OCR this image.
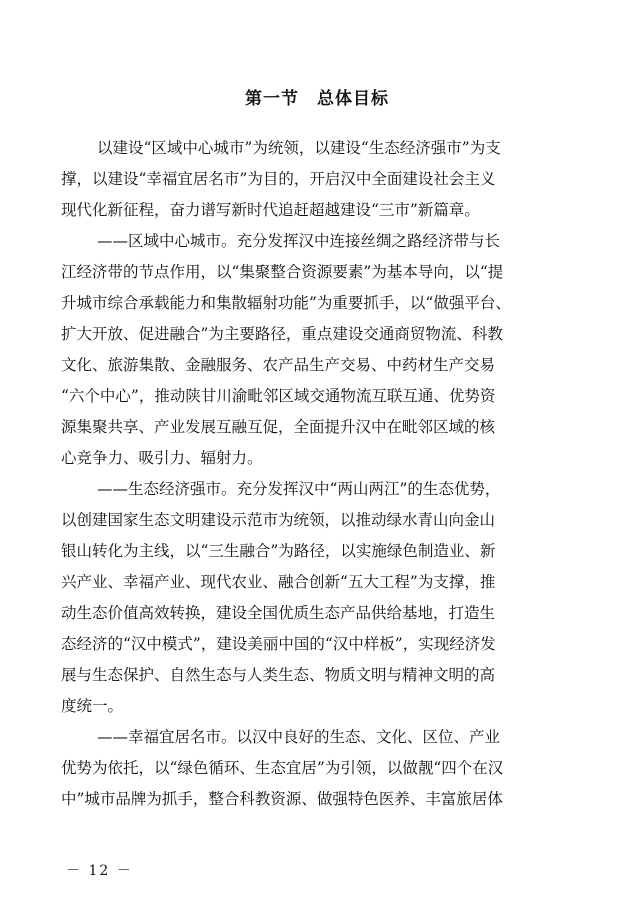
第一节 总体目标
以建设“区域中心城市”为统领，以建设“生态经济强市”为支
撑，以建设“幸福宜居名市”为目的，开启汉中全面建设社会主义
现代化新征程，奋力谱写新时代追赶超越建设“三市”新篇章。
——区域中心城市。充分发挥汉中连接丝绸之路经济带与长
江经济带的节点作用，以“集聚整合资源要素”为基本导向，以“提
升城市综合承载能力和集散辐射功能”为重要抓手，以“做强平台、
扩大开放、促进融合”为主要路径，重点建设交通商贸物流、科教
文化、旅游集散、金融服务、农产品生产交易、中药材生产交易
“六个中心”，推动陕甘川渝毗邻区域交通物流互联互通、优势资
源集聚共享、产业发展互融互促，全面提升汉中在毗邻区域的核
心竞争力、吸引力、辐射力。
——生态经济强市。充分发挥汉中“两山两江”的生态优势，
以创建国家生态文明建设示范市为统领，以推动绿水青山向金山
银山转化为主线，以“三生融合”为路径，以实施绿色制造业、新
兴产业、幸福产业、现代农业、融合创新“五大工程”为支撑，推
动生态价值高效转换，建设全国优质生态产品供给基地，打造生
态经济的“汉中模式”，建设美丽中国的“汉中样板”，实现经济发
展与生态保护、自然生态与人类生态、物质文明与精神文明的高
度统一。
——幸福宜居名市。以汉中良好的生态、文化、区位、产业
优势为依托，以“绿色循环、生态宜居”为引领，以做靓“四个在汉
中”城市品牌为抓手，整合科教资源、做强特色医养、丰富旅居体
－ 12 －
